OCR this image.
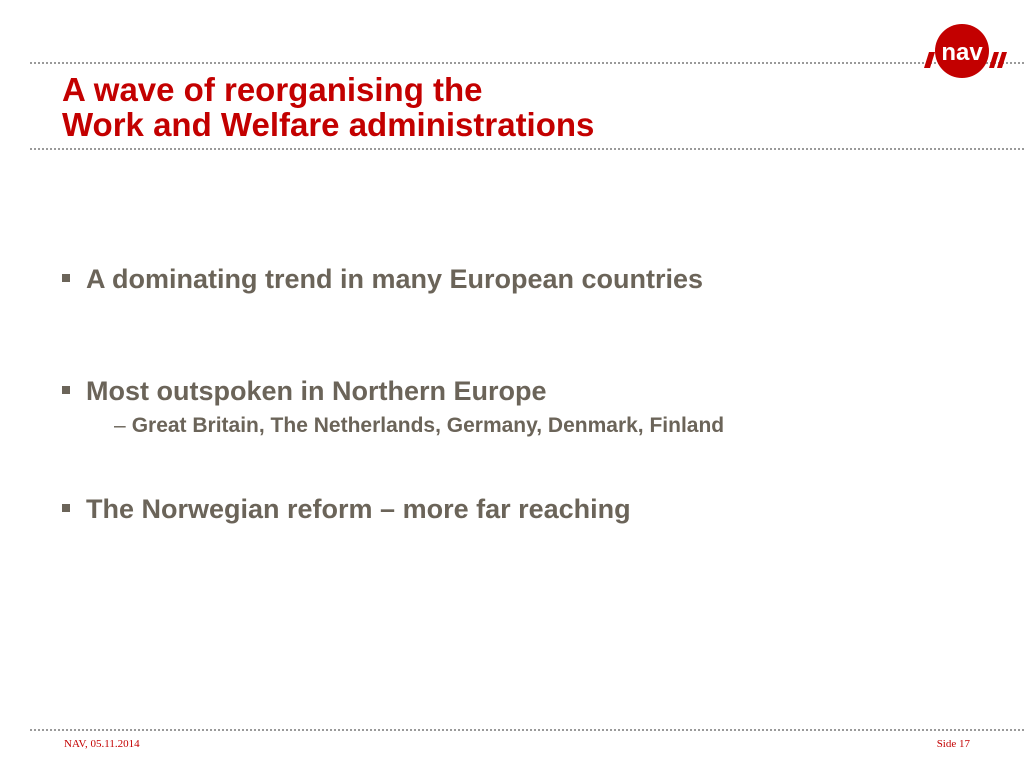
nav
A wave of reorganising the
Work and Welfare administrations
A dominating trend in many European countries
Most outspoken in Northern Europe
– Great Britain, The Netherlands, Germany, Denmark, Finland
The Norwegian reform – more far reaching
NAV, 05.11.2014	Side 17
